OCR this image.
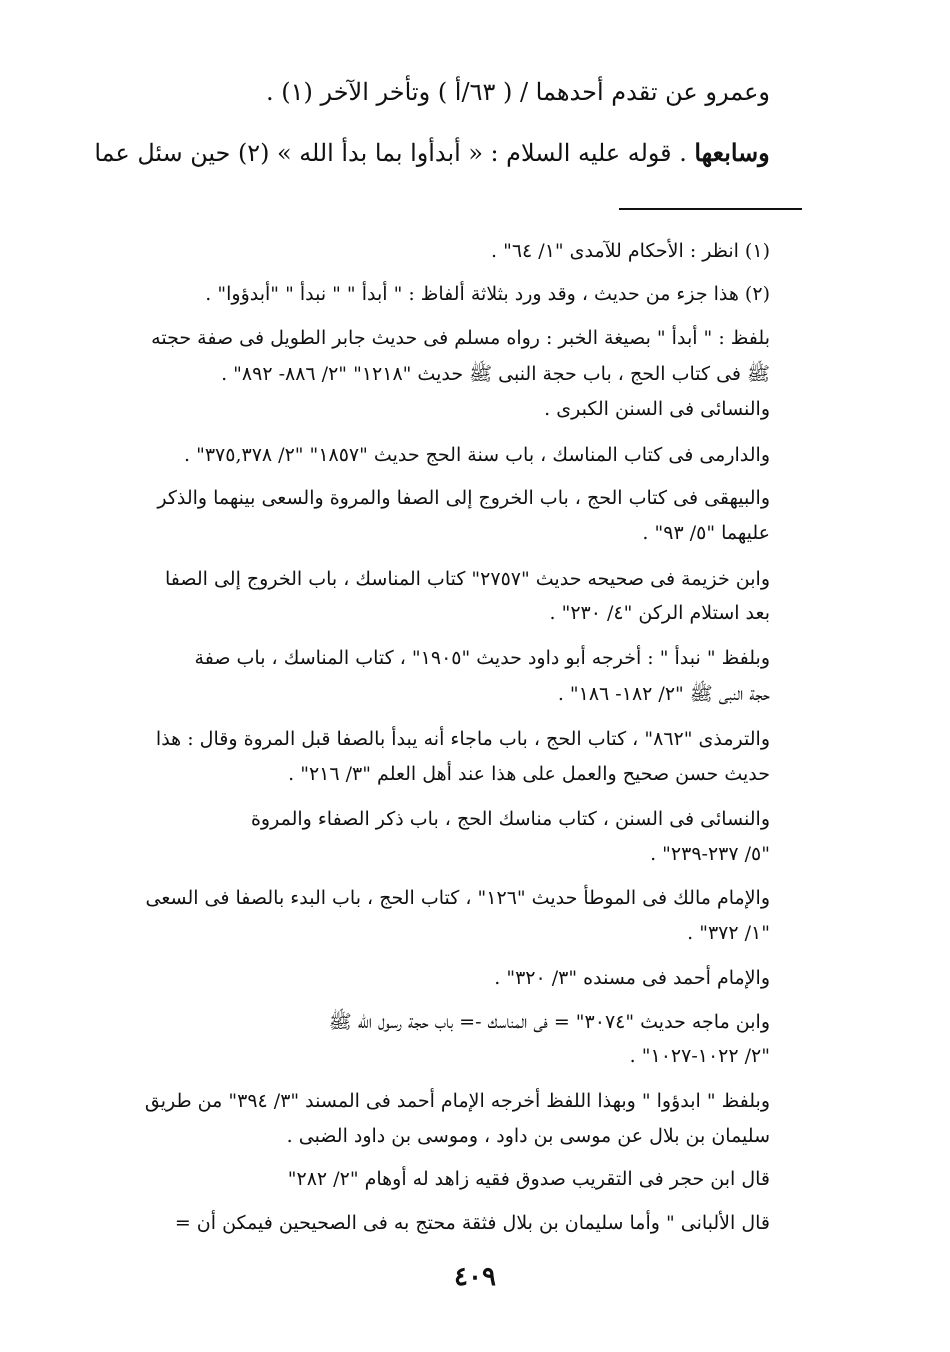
وعمرو عن تقدم أحدهما / ( ٦٣/أ ) وتأخر الآخر (١) .
وسابعها . قوله عليه السلام : « أبدأوا بما بدأ الله » (٢) حين سئل عما
(١) انظر : الأحكام للآمدى "١/ ٦٤" .
(٢) هذا جزء من حديث ، وقد ورد بثلاثة ألفاظ : " أبدأ " " نبدأ " "أبدؤوا" .
بلفظ : " أبدأ " بصيغة الخبر : رواه مسلم فى حديث جابر الطويل فى صفة حجته
ﷺ فى كتاب الحج ، باب حجة النبى ﷺ حديث "١٢١٨" "٢/ ٨٨٦- ٨٩٢" .
والنسائى فى السنن الكبرى .
والدارمى فى كتاب المناسك ، باب سنة الحج حديث "١٨٥٧" "٢/ ٣٧٥,٣٧٨" .
والبيهقى فى كتاب الحج ، باب الخروج إلى الصفا والمروة والسعى بينهما والذكر
عليهما "٥/ ٩٣" .
وابن خزيمة فى صحيحه حديث "٢٧٥٧" كتاب المناسك ، باب الخروج إلى الصفا
بعد استلام الركن "٤/ ٢٣٠" .
وبلفظ " نبدأ " : أخرجه أبو داود حديث "١٩٠٥" ، كتاب المناسك ، باب صفة
حجة النبى ﷺ "٢/ ١٨٢- ١٨٦" .
والترمذى "٨٦٢" ، كتاب الحج ، باب ماجاء أنه يبدأ بالصفا قبل المروة وقال : هذا
حديث حسن صحيح والعمل على هذا عند أهل العلم "٣/ ٢١٦" .
والنسائى فى السنن ، كتاب مناسك الحج ، باب ذكر الصفاء والمروة
"٥/ ٢٣٧-٢٣٩" .
والإمام مالك فى الموطأ حديث "١٢٦" ، كتاب الحج ، باب البدء بالصفا فى السعى
"١/ ٣٧٢" .
والإمام أحمد فى مسنده "٣/ ٣٢٠" .
وابن ماجه حديث "٣٠٧٤" = فى المناسك -= باب حجة رسول الله ﷺ
"٢/ ١٠٢٢-١٠٢٧" .
وبلفظ " ابدؤوا " وبهذا اللفظ أخرجه الإمام أحمد فى المسند "٣/ ٣٩٤" من طريق
سليمان بن بلال عن موسى بن داود ، وموسى بن داود الضبى .
قال ابن حجر فى التقريب صدوق فقيه زاهد له أوهام "٢/ ٢٨٢"
قال الألبانى " وأما سليمان بن بلال فثقة محتج به فى الصحيحين فيمكن أن =
٤٠٩
